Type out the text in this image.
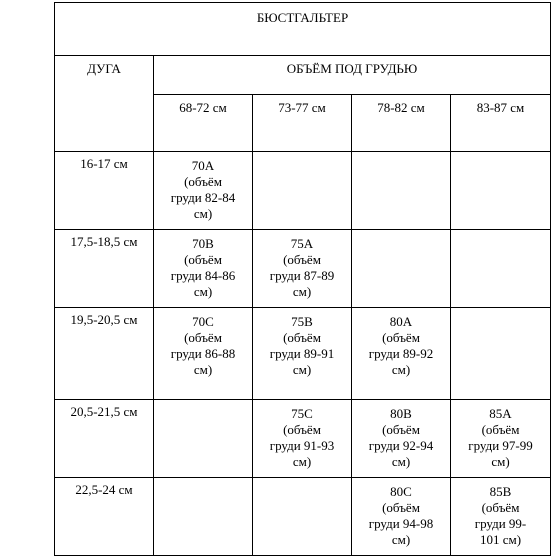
БЮСТГАЛЬТЕР				
ДУГА	ОБЪЁМ ПОД ГРУДЬЮ			
	68-72 см	73-77 см	78-82 см	83-87 см

16-17 см	70A
(объём
груди 82-84
см)			

17,5-18,5 см	70B
(объём
груди 84-86
см)	75A
(объём
груди 87-89
см)		

19,5-20,5 см	70C
(объём
груди 86-88
см)	75B
(объём
груди 89-91
см)	80A
(объём
груди 89-92
см)	

20,5-21,5 см		75C
(объём
груди 91-93
см)	80B
(объём
груди 92-94
см)	85A
(объём
груди 97-99
см)

22,5-24 см			80C
(объём
груди 94-98
см)	85B
(объём
груди 99-
101 см)
